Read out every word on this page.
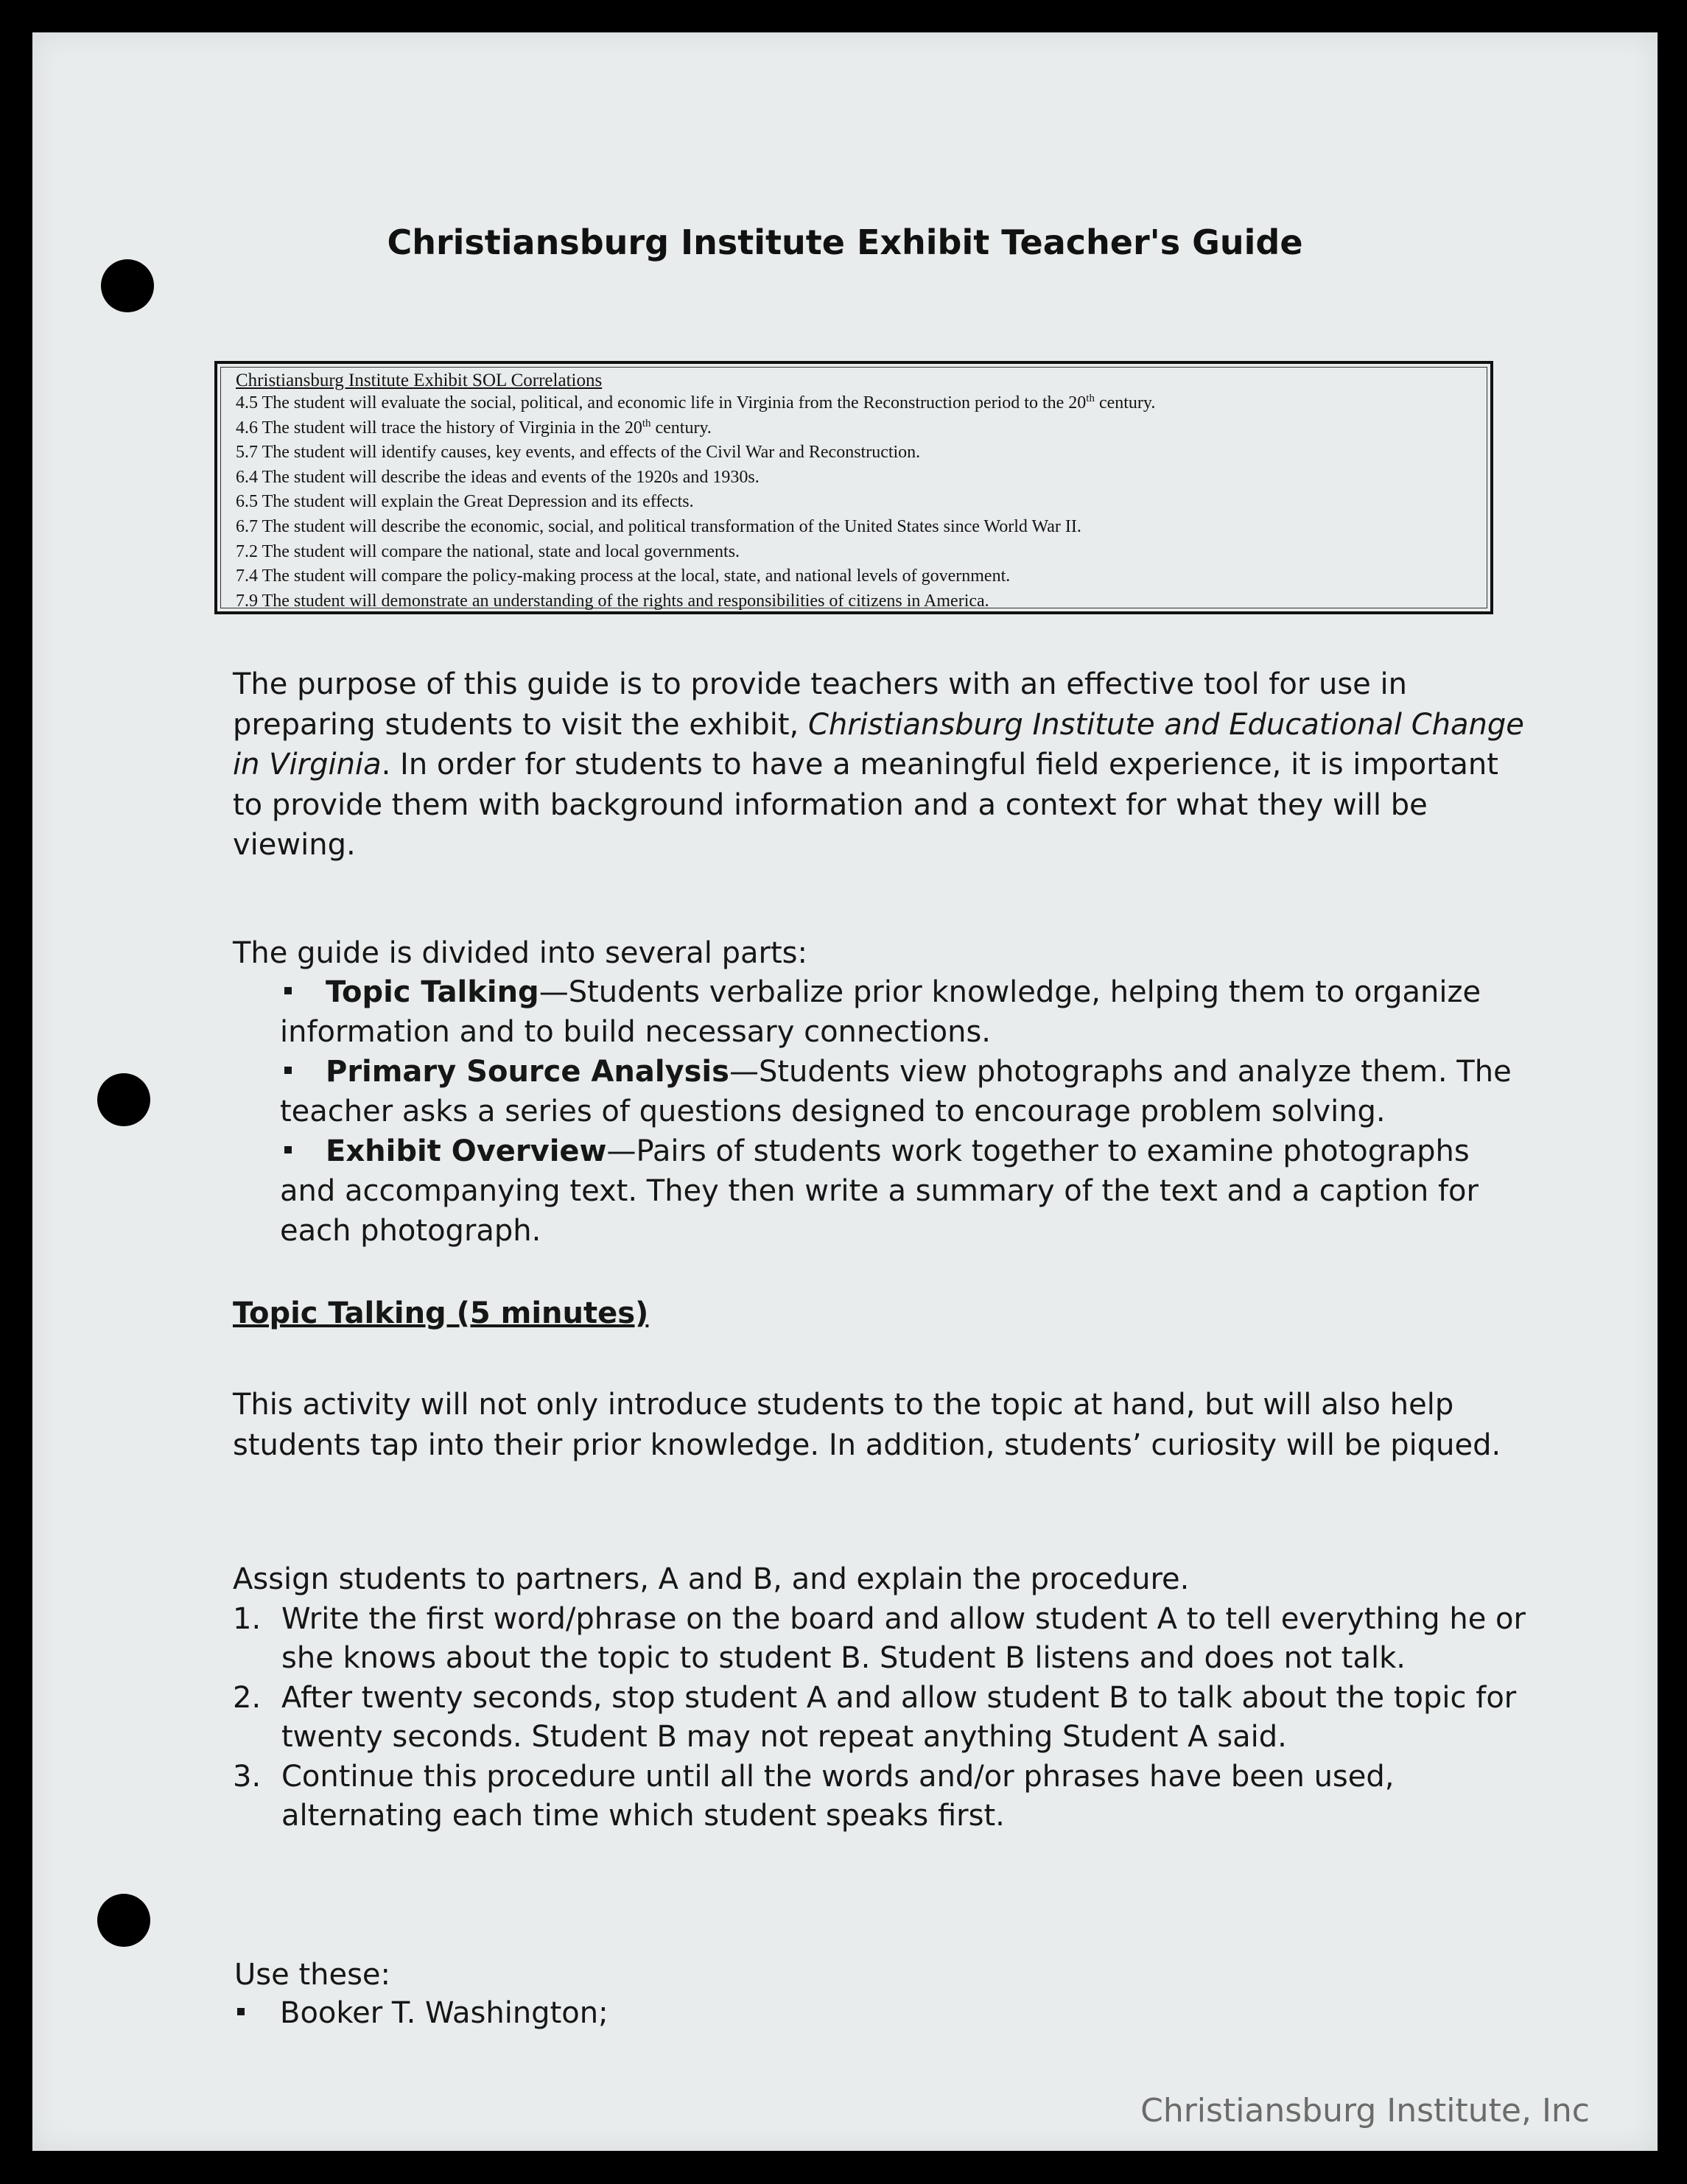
Christiansburg Institute Exhibit Teacher's Guide
Christiansburg Institute Exhibit SOL Correlations
4.5 The student will evaluate the social, political, and economic life in Virginia from the Reconstruction period to the 20th century.
4.6 The student will trace the history of Virginia in the 20th century.
5.7 The student will identify causes, key events, and effects of the Civil War and Reconstruction.
6.4 The student will describe the ideas and events of the 1920s and 1930s.
6.5 The student will explain the Great Depression and its effects.
6.7 The student will describe the economic, social, and political transformation of the United States since World War II.
7.2 The student will compare the national, state and local governments.
7.4 The student will compare the policy-making process at the local, state, and national levels of government.
7.9 The student will demonstrate an understanding of the rights and responsibilities of citizens in America.

The purpose of this guide is to provide teachers with an effective tool for use in preparing students to visit the exhibit, Christiansburg Institute and Educational Change in Virginia. In order for students to have a meaningful field experience, it is important to provide them with background information and a context for what they will be viewing.

The guide is divided into several parts:

Topic Talking—Students verbalize prior knowledge, helping them to organize information and to build necessary connections.
Primary Source Analysis—Students view photographs and analyze them. The teacher asks a series of questions designed to encourage problem solving.
Exhibit Overview—Pairs of students work together to examine photographs and accompanying text. They then write a summary of the text and a caption for each photograph.
Topic Talking (5 minutes)

This activity will not only introduce students to the topic at hand, but will also help students tap into their prior knowledge. In addition, students’ curiosity will be piqued.

Assign students to partners, A and B, and explain the procedure.
1. Write the first word/phrase on the board and allow student A to tell everything he or she knows about the topic to student B. Student B listens and does not talk.
2. After twenty seconds, stop student A and allow student B to talk about the topic for twenty seconds. Student B may not repeat anything Student A said.
3. Continue this procedure until all the words and/or phrases have been used, alternating each time which student speaks first.
Use these:
Booker T. Washington;
Christiansburg Institute, Inc
